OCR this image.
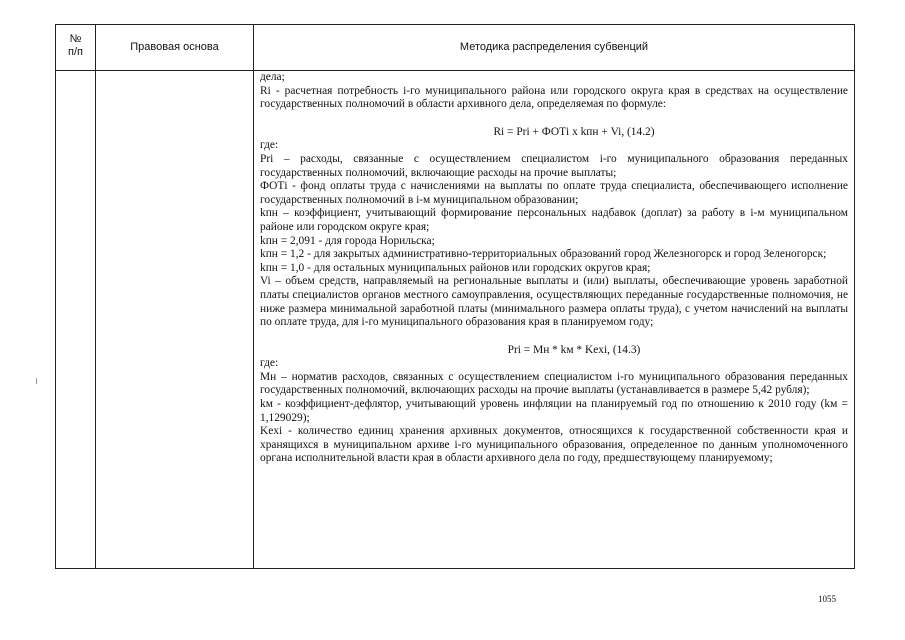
№
п/п	Правовая основа	Методика распределения субвенций

дела;

Ri - расчетная потребность i-го муниципального района или городского округа края в средствах на осуществление государственных полномочий в области архивного дела, определяемая по формуле:

Ri = Pri + ФОТi x kпн + Vi, (14.2)

где:

Pri – расходы, связанные с осуществлением специалистом i-го муниципального образования переданных государственных полномочий, включающие расходы на прочие выплаты;

ФОТi - фонд оплаты труда с начислениями на выплаты по оплате труда специалиста, обеспечивающего исполнение государственных полномочий в i-м муниципальном образовании;

kпн – коэффициент, учитывающий формирование персональных надбавок (доплат) за работу в i-м муниципальном районе или городском округе края;

kпн = 2,091 - для города Норильска;

kпн = 1,2 - для закрытых административно-территориальных образований город Железногорск и город Зеленогорск;

kпн = 1,0 - для остальных муниципальных районов или городских округов края;

Vi – объем средств, направляемый на региональные выплаты и (или) выплаты, обеспечивающие уровень заработной платы специалистов органов местного самоуправления, осуществляющих переданные государственные полномочия, не ниже размера минимальной заработной платы (минимального размера оплаты труда), с учетом начислений на выплаты по оплате труда, для i-го муниципального образования края в планируемом году;

Pri = Мн * kм * Kexi, (14.3)

где:

Мн – норматив расходов, связанных с осуществлением специалистом i-го муниципального образования переданных государственных полномочий, включающих расходы на прочие выплаты (устанавливается в размере 5,42 рубля);

kм - коэффициент-дефлятор, учитывающий уровень инфляции на планируемый год по отношению к 2010 году (kм = 1,129029);

Kexi - количество единиц хранения архивных документов, относящихся к государственной собственности края и хранящихся в муниципальном архиве i-го муниципального образования, определенное по данным уполномоченного органа исполнительной власти края в области архивного дела по году, предшествующему планируемому;

1055
